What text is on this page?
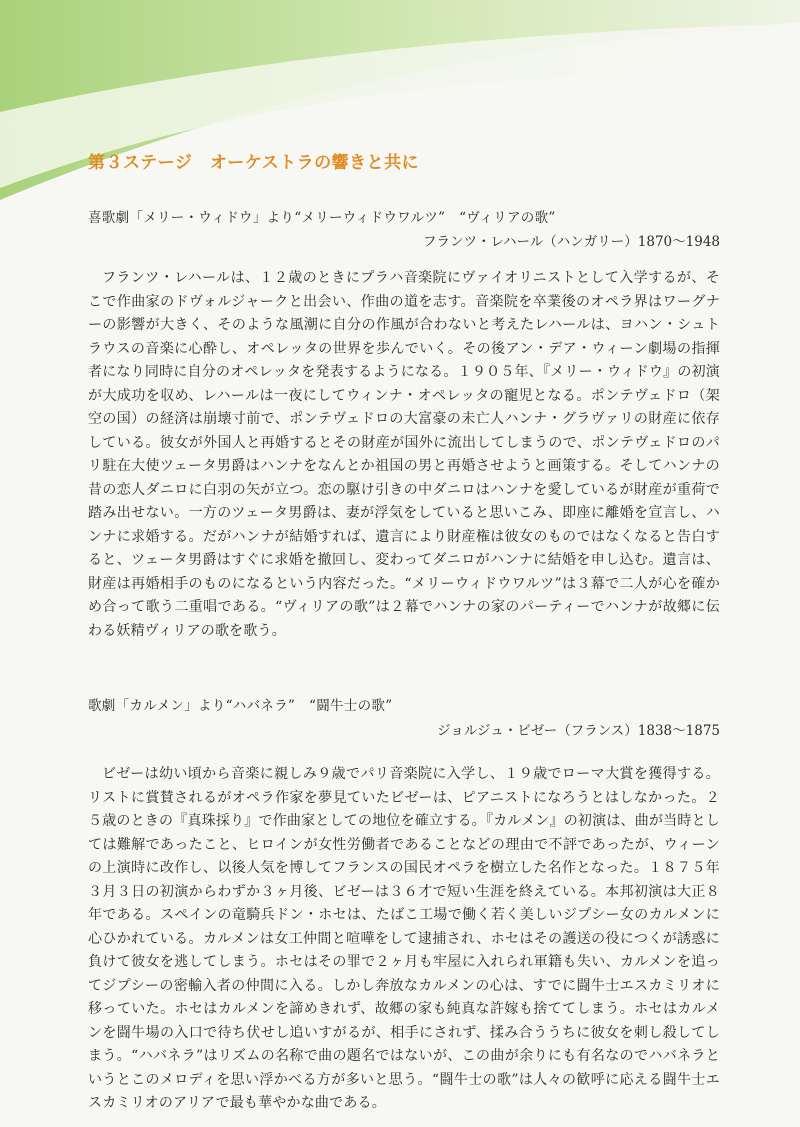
第３ステージ　オーケストラの響きと共に
喜歌劇「メリー・ウィドウ」より“メリーウィドウワルツ”　“ヴィリアの歌”
フランツ・レハール（ハンガリー）1870〜1948

フランツ・レハールは、１２歳のときにプラハ音楽院にヴァイオリニストとして入学するが、そこで作曲家のドヴォルジャークと出会い、作曲の道を志す。音楽院を卒業後のオペラ界はワーグナーの影響が大きく、そのような風潮に自分の作風が合わないと考えたレハールは、ヨハン・シュトラウスの音楽に心酔し、オペレッタの世界を歩んでいく。その後アン・デア・ウィーン劇場の指揮者になり同時に自分のオペレッタを発表するようになる。１９０５年、『メリー・ウィドウ』の初演が大成功を収め、レハールは一夜にしてウィンナ・オペレッタの寵児となる。ポンテヴェドロ（架空の国）の経済は崩壊寸前で、ポンテヴェドロの大富豪の未亡人ハンナ・グラヴァリの財産に依存している。彼女が外国人と再婚するとその財産が国外に流出してしまうので、ポンテヴェドロのパリ駐在大使ツェータ男爵はハンナをなんとか祖国の男と再婚させようと画策する。そしてハンナの昔の恋人ダニロに白羽の矢が立つ。恋の駆け引きの中ダニロはハンナを愛しているが財産が重荷で踏み出せない。一方のツェータ男爵は、妻が浮気をしていると思いこみ、即座に離婚を宣言し、ハンナに求婚する。だがハンナが結婚すれば、遺言により財産権は彼女のものではなくなると告白すると、ツェータ男爵はすぐに求婚を撤回し、変わってダニロがハンナに結婚を申し込む。遺言は、財産は再婚相手のものになるという内容だった。“メリーウィドウワルツ”は３幕で二人が心を確かめ合って歌う二重唱である。“ヴィリアの歌”は２幕でハンナの家のパーティーでハンナが故郷に伝わる妖精ヴィリアの歌を歌う。

歌劇「カルメン」より“ハバネラ”　“闘牛士の歌”
ジョルジュ・ビゼー（フランス）1838〜1875

ビゼーは幼い頃から音楽に親しみ９歳でパリ音楽院に入学し、１９歳でローマ大賞を獲得する。リストに賞賛されるがオペラ作家を夢見ていたビゼーは、ピアニストになろうとはしなかった。２５歳のときの『真珠採り』で作曲家としての地位を確立する。『カルメン』の初演は、曲が当時としては難解であったこと、ヒロインが女性労働者であることなどの理由で不評であったが、ウィーンの上演時に改作し、以後人気を博してフランスの国民オペラを樹立した名作となった。１８７５年３月３日の初演からわずか３ヶ月後、ビゼーは３６才で短い生涯を終えている。本邦初演は大正８年である。スペインの竜騎兵ドン・ホセは、たばこ工場で働く若く美しいジプシー女のカルメンに心ひかれている。カルメンは女工仲間と喧嘩をして逮捕され、ホセはその護送の役につくが誘惑に負けて彼女を逃してしまう。ホセはその罪で２ヶ月も牢屋に入れられ軍籍も失い、カルメンを追ってジプシーの密輸入者の仲間に入る。しかし奔放なカルメンの心は、すでに闘牛士エスカミリオに移っていた。ホセはカルメンを諦めきれず、故郷の家も純真な許嫁も捨ててしまう。ホセはカルメンを闘牛場の入口で待ち伏せし追いすがるが、相手にされず、揉み合ううちに彼女を刺し殺してしまう。“ハバネラ”はリズムの名称で曲の題名ではないが、この曲が余りにも有名なのでハバネラというとこのメロディを思い浮かべる方が多いと思う。“闘牛士の歌”は人々の歓呼に応える闘牛士エスカミリオのアリアで最も華やかな曲である。
